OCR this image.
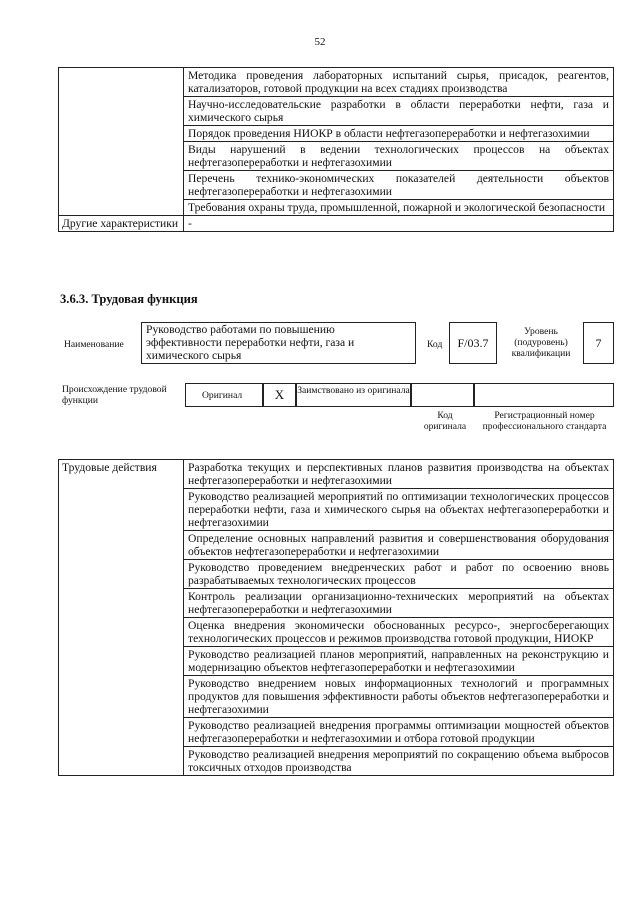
52
	Методика проведения лабораторных испытаний сырья, присадок, реагентов, катализаторов, готовой продукции на всех стадиях производства
	Научно-исследовательские разработки в области переработки нефти, газа и химического сырья
	Порядок проведения НИОКР в области нефтегазопереработки и нефтегазохимии
	Виды нарушений в ведении технологических процессов на объектах нефтегазопереработки и нефтегазохимии
	Перечень технико-экономических показателей деятельности объектов нефтегазопереработки и нефтегазохимии
	Требования охраны труда, промышленной, пожарной и экологической безопасности
Другие характеристики	-
3.6.3. Трудовая функция
Наименование
Руководство работами по повышению эффективности переработки нефти, газа и химического сырья
Код	F/03.7
Уровень (подуровень) квалификации
7
Происхождение трудовой функции	Оригинал	X	Заимствовано из оригинала
Код оригинала
Регистрационный номер профессионального стандарта
Трудовые действия	Разработка текущих и перспективных планов развития производства на объектах нефтегазопереработки и нефтегазохимии
Руководство реализацией мероприятий по оптимизации технологических процессов переработки нефти, газа и химического сырья на объектах нефтегазопереработки и нефтегазохимии
Определение основных направлений развития и совершенствования оборудования объектов нефтегазопереработки и нефтегазохимии
Руководство проведением внедренческих работ и работ по освоению вновь разрабатываемых технологических процессов
Контроль реализации организационно-технических мероприятий на объектах нефтегазопереработки и нефтегазохимии
Оценка внедрения экономически обоснованных ресурсо-, энергосберегающих технологических процессов и режимов производства готовой продукции, НИОКР
Руководство реализацией планов мероприятий, направленных на реконструкцию и модернизацию объектов нефтегазопереработки и нефтегазохимии
Руководство внедрением новых информационных технологий и программных продуктов для повышения эффективности работы объектов нефтегазопереработки и нефтегазохимии
Руководство реализацией внедрения программы оптимизации мощностей объектов нефтегазопереработки и нефтегазохимии и отбора готовой продукции
Руководство реализацией внедрения мероприятий по сокращению объема выбросов токсичных отходов производства
